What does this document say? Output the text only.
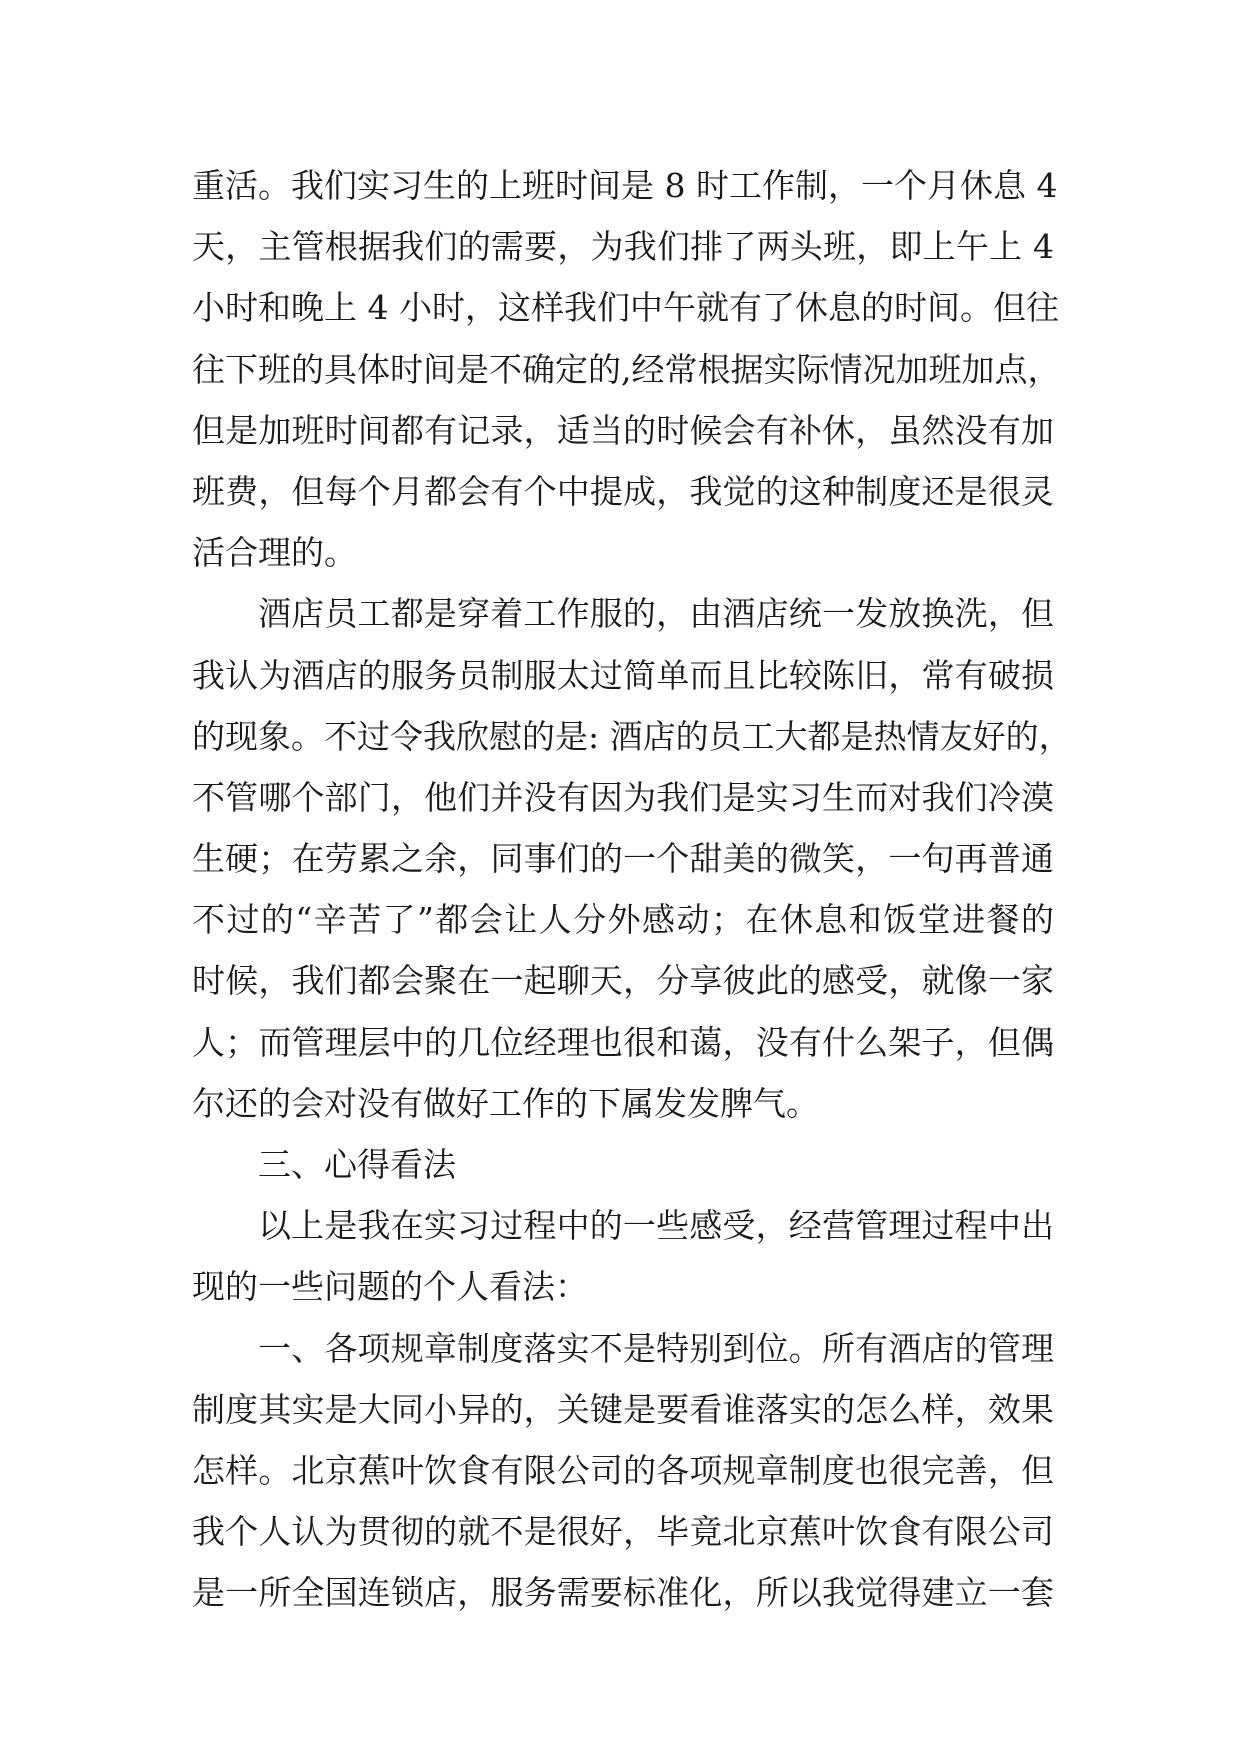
重活。我们实习生的上班时间是 8 时工作制，一个月休息 4
天，主管根据我们的需要，为我们排了两头班，即上午上 4
小时和晚上 4 小时，这样我们中午就有了休息的时间。但往
往下班的具体时间是不确定的,经常根据实际情况加班加点，
但是加班时间都有记录，适当的时候会有补休，虽然没有加
班费，但每个月都会有个中提成，我觉的这种制度还是很灵
活合理的。
酒店员工都是穿着工作服的，由酒店统一发放换洗，但
我认为酒店的服务员制服太过简单而且比较陈旧，常有破损
的现象。不过令我欣慰的是: 酒店的员工大都是热情友好的，
不管哪个部门，他们并没有因为我们是实习生而对我们冷漠
生硬；在劳累之余，同事们的一个甜美的微笑，一句再普通
不过的“辛苦了”都会让人分外感动；在休息和饭堂进餐的
时候，我们都会聚在一起聊天，分享彼此的感受，就像一家
人；而管理层中的几位经理也很和蔼，没有什么架子，但偶
尔还的会对没有做好工作的下属发发脾气。
三、心得看法
以上是我在实习过程中的一些感受，经营管理过程中出
现的一些问题的个人看法：
一、各项规章制度落实不是特别到位。所有酒店的管理
制度其实是大同小异的，关键是要看谁落实的怎么样，效果
怎样。北京蕉叶饮食有限公司的各项规章制度也很完善，但
我个人认为贯彻的就不是很好，毕竟北京蕉叶饮食有限公司
是一所全国连锁店，服务需要标准化，所以我觉得建立一套
